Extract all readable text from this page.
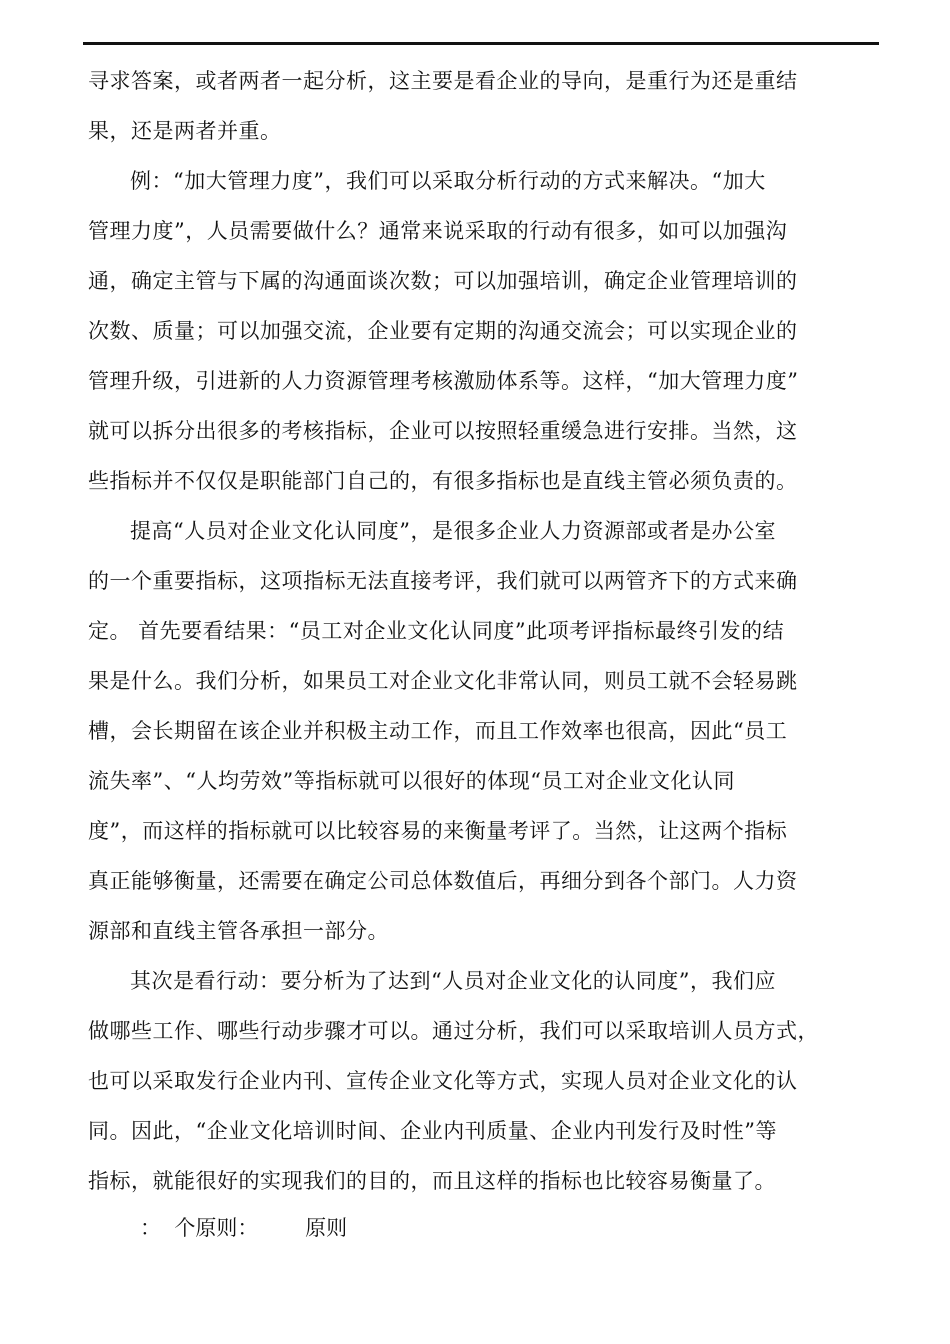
寻求答案，或者两者一起分析，这主要是看企业的导向，是重行为还是重结
果，还是两者并重。
例：“加大管理力度”，我们可以采取分析行动的方式来解决。“加大
管理力度”，人员需要做什么？通常来说采取的行动有很多，如可以加强沟
通，确定主管与下属的沟通面谈次数；可以加强培训，确定企业管理培训的
次数、质量；可以加强交流，企业要有定期的沟通交流会；可以实现企业的
管理升级，引进新的人力资源管理考核激励体系等。这样，“加大管理力度”
就可以拆分出很多的考核指标，企业可以按照轻重缓急进行安排。当然，这
些指标并不仅仅是职能部门自己的，有很多指标也是直线主管必须负责的。
提高“人员对企业文化认同度”，是很多企业人力资源部或者是办公室
的一个重要指标，这项指标无法直接考评，我们就可以两管齐下的方式来确
定。 首先要看结果：“员工对企业文化认同度”此项考评指标最终引发的结
果是什么。我们分析，如果员工对企业文化非常认同，则员工就不会轻易跳
槽，会长期留在该企业并积极主动工作，而且工作效率也很高，因此“员工
流失率”、“人均劳效”等指标就可以很好的体现“员工对企业文化认同
度”，而这样的指标就可以比较容易的来衡量考评了。当然，让这两个指标
真正能够衡量，还需要在确定公司总体数值后，再细分到各个部门。人力资
源部和直线主管各承担一部分。
其次是看行动：要分析为了达到“人员对企业文化的认同度”，我们应
做哪些工作、哪些行动步骤才可以。通过分析，我们可以采取培训人员方式，
也可以采取发行企业内刊、宣传企业文化等方式，实现人员对企业文化的认
同。因此，“企业文化培训时间、企业内刊质量、企业内刊发行及时性”等
指标，就能很好的实现我们的目的，而且这样的指标也比较容易衡量了。
：  个原则：       原则
